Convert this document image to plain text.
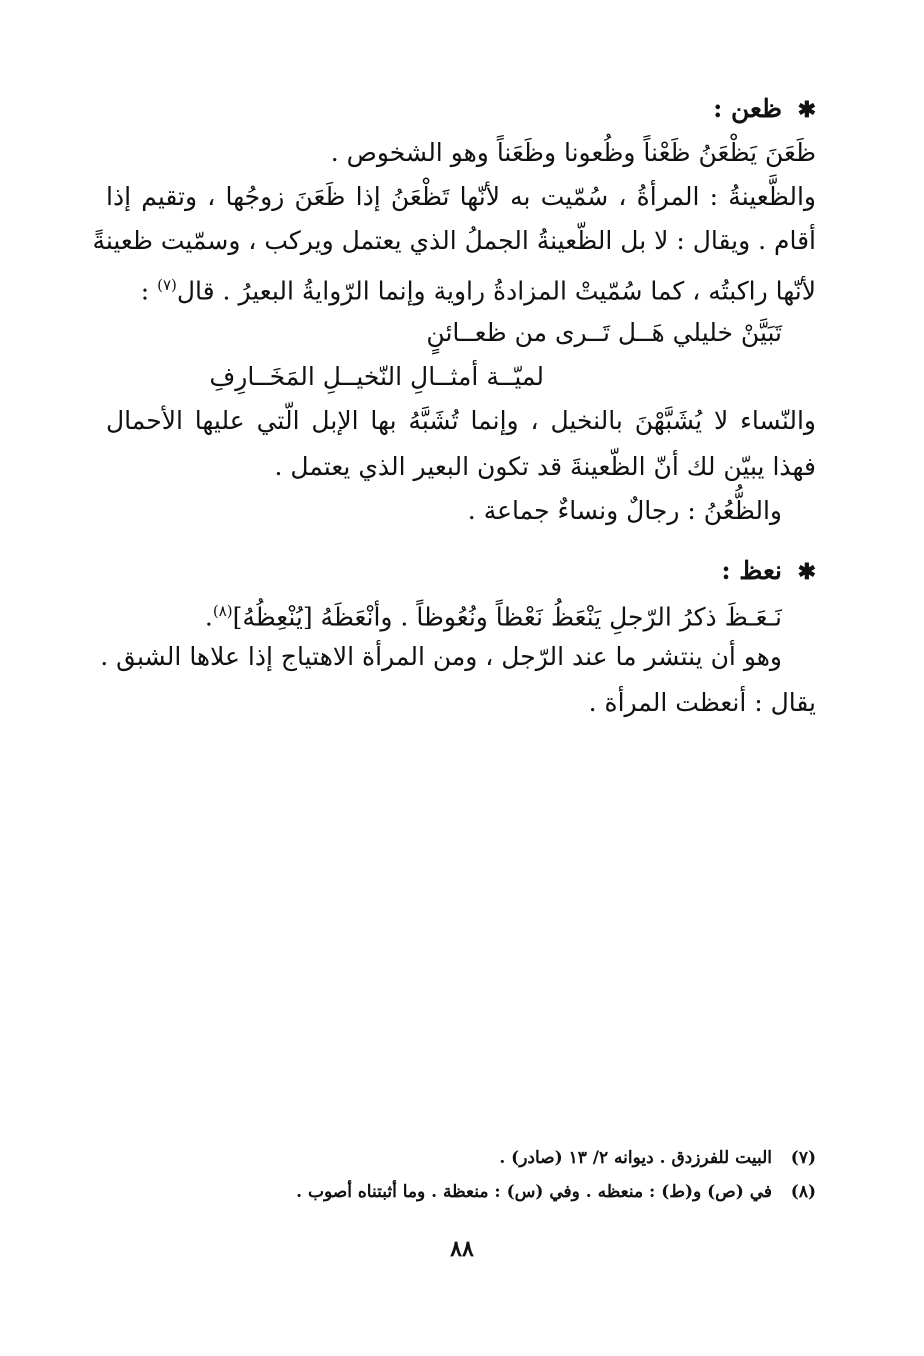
✱ظعن :
ظَعَنَ يَظْعَنُ ظَعْناً وظُعونا وظَعَناً وهو الشخوص .
والظَّعينةُ : المرأةُ ، سُمّيت به لأنّها تَظْعَنُ إذا ظَعَنَ زوجُها ، وتقيم إذا
أقام . ويقال : لا بل الظّعينةُ الجملُ الذي يعتمل ويركب ، وسمّيت ظعينةً
لأنّها راكبتُه ، كما سُمّيتْ المزادةُ راوية وإنما الرّوايةُ البعيرُ . قال$^{(٧)}$ :
تَبَيَّنْ خليلي هَــل تَــرى من ظعــائنٍ
لميّــة أمثــالِ النّخيــلِ المَخَــارِفِ
والنّساء لا يُشَبَّهْنَ بالنخيل ، وإنما تُشَبَّهُ بها الإبل الّتي عليها الأحمال
فهذا يبيّن لك أنّ الظّعينةَ قد تكون البعير الذي يعتمل .
والظُّعُنُ : رجالٌ ونساءٌ جماعة .
✱نعظ :
نَـعَـظَ ذكرُ الرّجلِ يَنْعَظُ نَعْظاً ونُعُوظاً . وأنْعَظَهُ [يُنْعِظُهُ]$^{(٨)}$.
وهو أن ينتشر ما عند الرّجل ، ومن المرأة الاهتياج إذا علاها الشبق .
يقال : أنعظت المرأة .
(٧)البيت للفرزدق . ديوانه ٢/ ١٣ (صادر) .
(٨)في (ص) و(ط) : منعظه . وفي (س) : منعظة . وما أثبتناه أصوب .
٨٨
